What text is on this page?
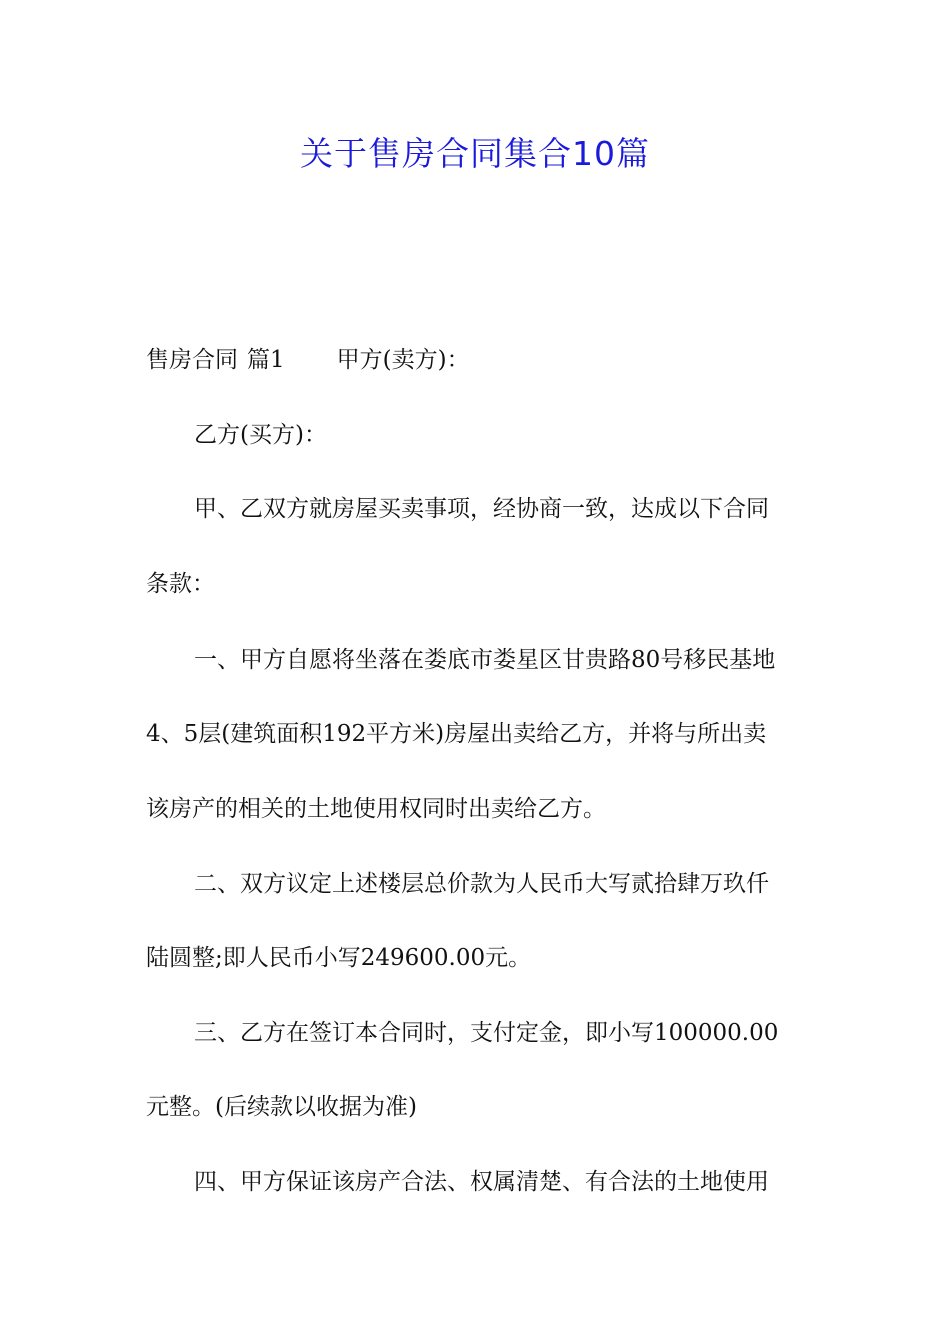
关于售房合同集合10篇
售房合同 篇1 甲方(卖方)：
乙方(买方)：
甲、乙双方就房屋买卖事项，经协商一致，达成以下合同
条款：
一、甲方自愿将坐落在娄底市娄星区甘贵路80号移民基地
4、5层(建筑面积192平方米)房屋出卖给乙方，并将与所出卖
该房产的相关的土地使用权同时出卖给乙方。
二、双方议定上述楼层总价款为人民币大写贰拾肆万玖仟
陆圆整;即人民币小写249600.00元。
三、乙方在签订本合同时，支付定金，即小写100000.00
元整。(后续款以收据为准)
四、甲方保证该房产合法、权属清楚、有合法的土地使用
